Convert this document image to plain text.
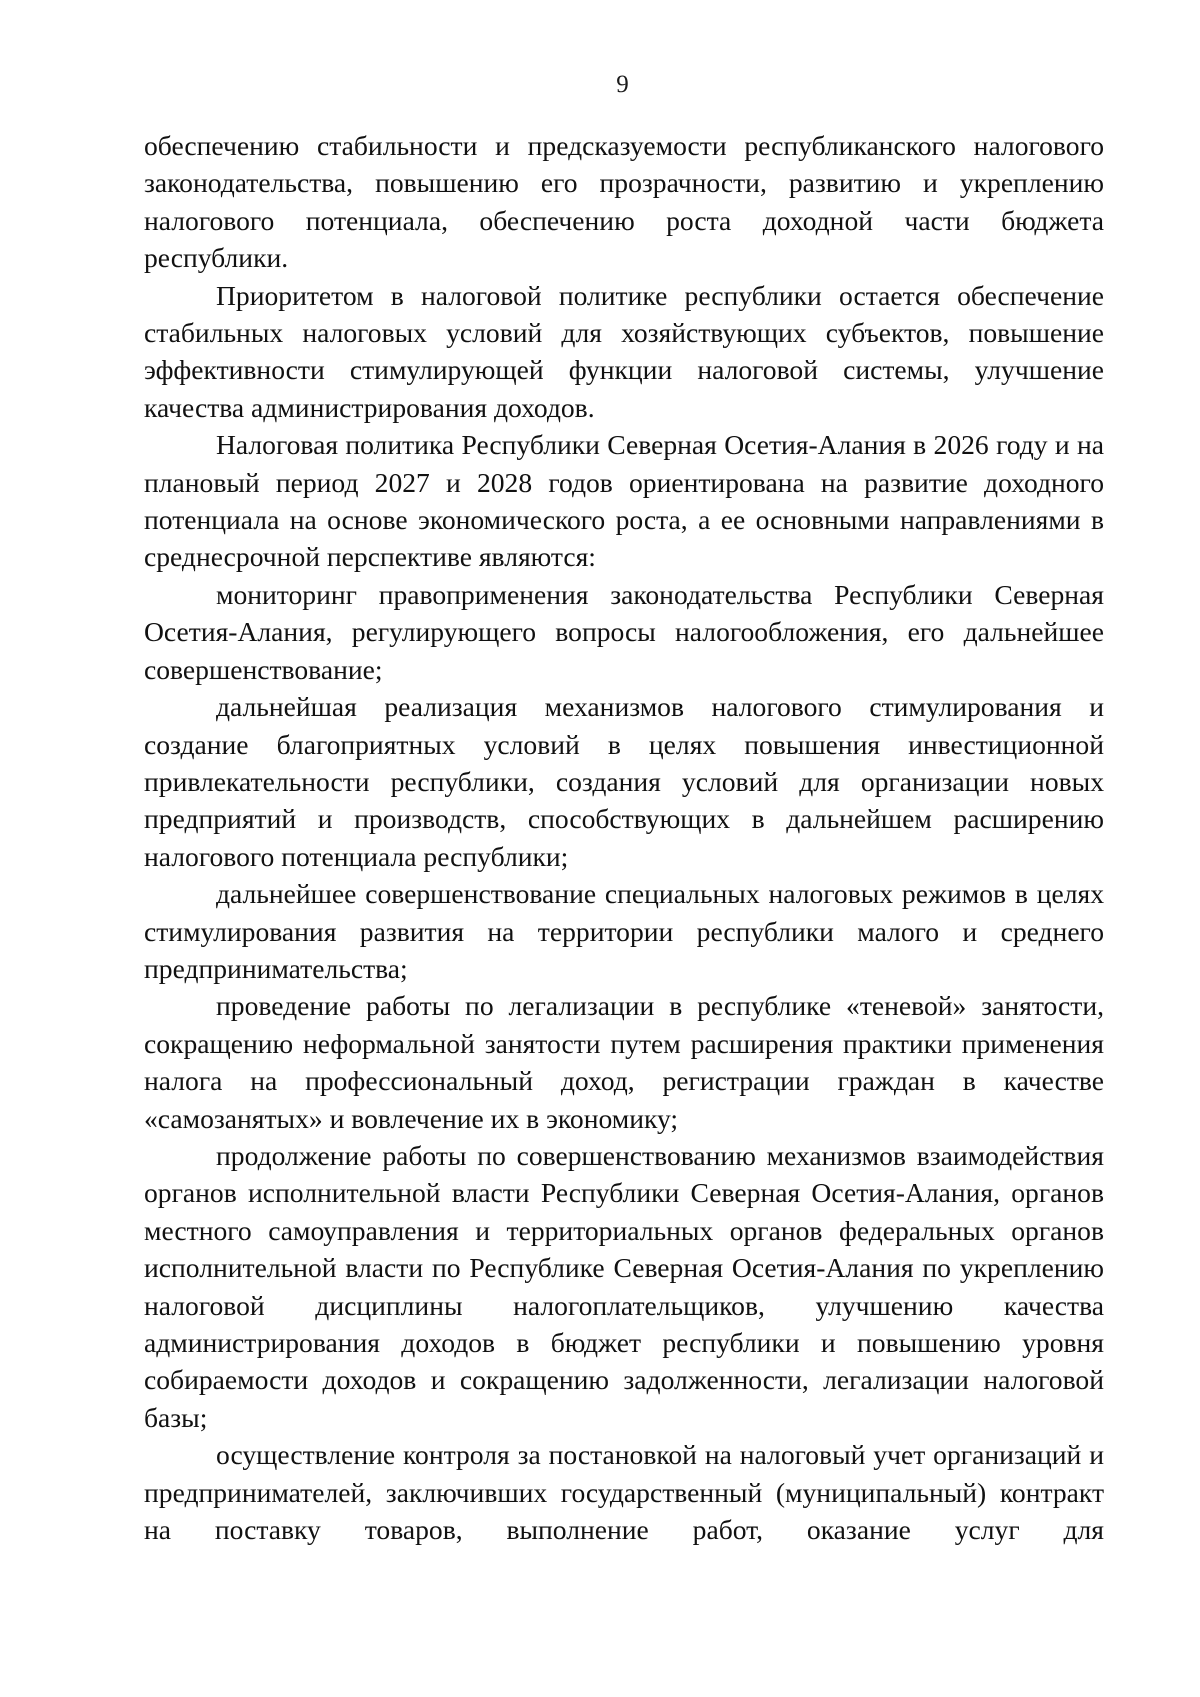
9

обеспечению стабильности и предсказуемости республиканского налогового законодательства, повышению его прозрачности, развитию и укреплению налогового потенциала, обеспечению роста доходной части бюджета республики.

Приоритетом в налоговой политике республики остается обеспечение стабильных налоговых условий для хозяйствующих субъектов, повышение эффективности стимулирующей функции налоговой системы, улучшение качества администрирования доходов.

Налоговая политика Республики Северная Осетия-Алания в 2026 году и на плановый период 2027 и 2028 годов ориентирована на развитие доходного потенциала на основе экономического роста, а ее основными направлениями в среднесрочной перспективе являются:

мониторинг правоприменения законодательства Республики Северная Осетия-Алания, регулирующего вопросы налогообложения, его дальнейшее совершенствование;

дальнейшая реализация механизмов налогового стимулирования и создание благоприятных условий в целях повышения инвестиционной привлекательности республики, создания условий для организации новых предприятий и производств, способствующих в дальнейшем расширению налогового потенциала республики;

дальнейшее совершенствование специальных налоговых режимов в целях стимулирования развития на территории республики малого и среднего предпринимательства;

проведение работы по легализации в республике «теневой» занятости, сокращению неформальной занятости путем расширения практики применения налога на профессиональный доход, регистрации граждан в качестве «самозанятых» и вовлечение их в экономику;

продолжение работы по совершенствованию механизмов взаимодействия органов исполнительной власти Республики Северная Осетия-Алания, органов местного самоуправления и территориальных органов федеральных органов исполнительной власти по Республике Северная Осетия-Алания по укреплению налоговой дисциплины налогоплательщиков, улучшению качества администрирования доходов в бюджет республики и повышению уровня собираемости доходов и сокращению задолженности, легализации налоговой базы;

осуществление контроля за постановкой на налоговый учет организаций и предпринимателей, заключивших государственный (муниципальный) контракт на поставку товаров, выполнение работ, оказание услуг для
